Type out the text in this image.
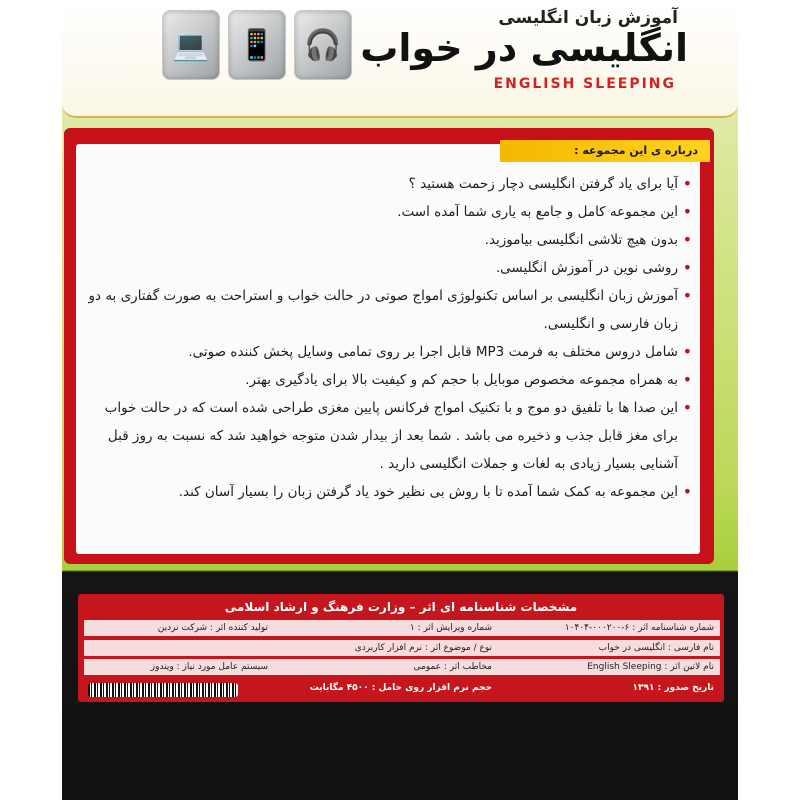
💻 📱 🎧
آموزش زبان انگلیسی
انگلیسی در خواب
ENGLISH SLEEPING
درباره ی این مجموعه :
• آیا برای یاد گرفتن انگلیسی دچار زحمت هستید ؟
• این مجموعه کامل و جامع به یاری شما آمده است.
• بدون هیچ تلاشی انگلیسی بیاموزید.
• روشی نوین در آموزش انگلیسی.
• آموزش زبان انگلیسی بر اساس تکنولوژی امواج صوتی در حالت خواب و استراحت به صورت گفتاری به دو زبان فارسی و انگلیسی.
• شامل دروس مختلف به فرمت MP3 قابل اجرا بر روی تمامی وسایل پخش کننده صوتی.
• به همراه مجموعه مخصوص موبایل با حجم کم و کیفیت بالا برای یادگیری بهتر.
• این صدا ها با تلفیق دو موج و با تکنیک امواج فرکانس پایین مغزی طراحی شده است که در حالت خواب برای مغز قابل جذب و ذخیره می باشد . شما بعد از بیدار شدن متوجه خواهید شد که نسبت به روز قبل آشنایی بسیار زیادی به لغات و جملات انگلیسی دارید .
• این مجموعه به کمک شما آمده تا با روش بی نظیر خود یاد گرفتن زبان را بسیار آسان کند.
مشخصات شناسنامه ای اثر – وزارت فرهنگ و ارشاد اسلامی
شماره شناسنامه اثر : ۶-۰۰۰۲۰۰-۱۰۴۰۴
شماره ویرایش اثر : ۱
تولید کننده اثر : شرکت نردین
نام فارسی : انگلیسی در خواب
نوع / موضوع اثر : نرم افزار کاربردی
نام لاتین اثر : English Sleeping
مخاطب اثر : عمومی
سیستم عامل مورد نیاز : ویندوز
تاریخ صدور : ۱۳۹۱
حجم نرم افزار روی حامل : ۴۵۰۰ مگابایت
